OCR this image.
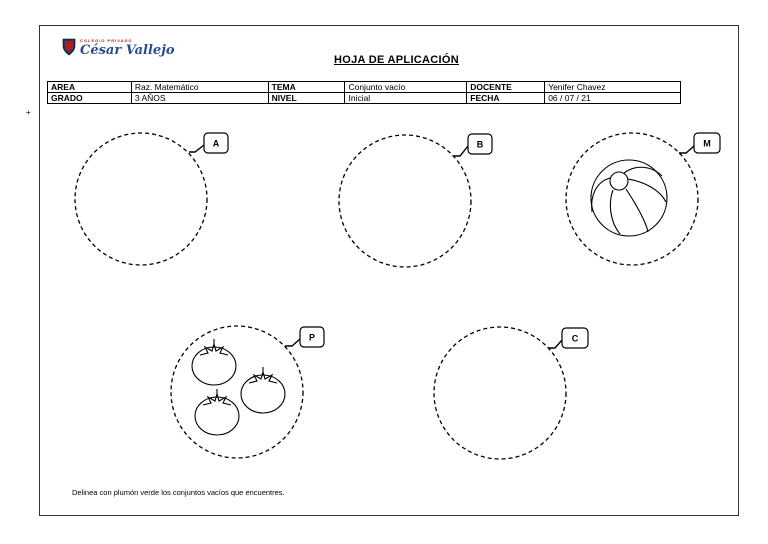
COLEGIO PRIVADO
César Vallejo
HOJA DE APLICACIÓN
AREA	Raz. Matemático	TEMA	Conjunto vacío	DOCENTE	Yenifer Chavez
GRADO	3 AÑOS	NIVEL	Inicial	FECHA	06 / 07 / 21
+
A	B	M
P	C
Delinea con plumón verde los conjuntos vacíos que encuentres.
